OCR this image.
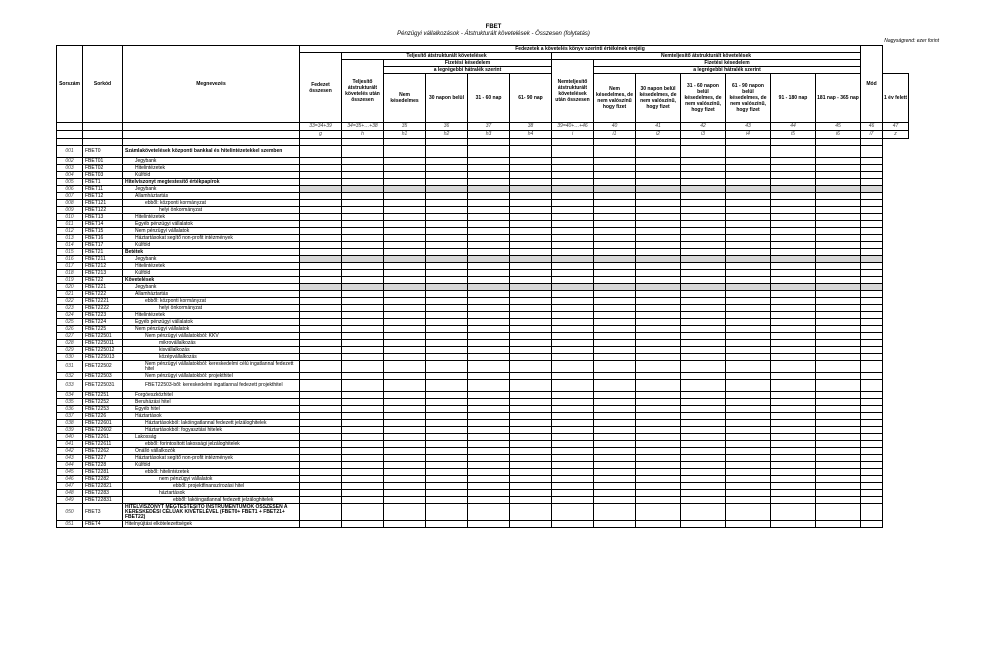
FBET
Pénzügyi vállalkozások - Átstrukturált követelések - Összesen (folytatás)
Nagyságrend: ezer forint
Sorszám	Sorkód	Megnevezés	Fedezetek a követelés könyv szerinti értékének erejéig													Mód	
			Fedezet összesen	Teljesítő átstrukturált követelések					Nemteljesítő átstrukturált követelések								
				Teljesítő átstrukturált követelés után összesen	Fizetési késedelem				Nemteljesítő átstrukturált követelések után összesen	Fizetési késedelem							
					a legrégebbi hátralék szerint					a legrégebbi hátralék szerint							
					Nem késedelmes	30 napon belül	31 - 60 nap	61- 90 nap		Nem késedelmes, de nem valószínű hogy fizet	30 napon belül késedelmes, de nem valószínű, hogy fizet	31 - 60 napon belül késedelmes, de nem valószínű, hogy fizet	61 - 90 napon belül késedelmes, de nem valószínű, hogy fizet	91 - 180 nap	181 nap - 365 nap		1 év felett

			33=34+39	34=35+…+38	35	36	37	38	39=40+…+46	40	41	42	43	44	45	46	47
			g	h	h1	h2	h3	h4	i	i1	i2	i3	i4	i5	i6	i7	z

001	FBET0	Számlakövetelések központi bankkal és hitelintézetekkel szemben															
002	FBET01	Jegybank															
003	FBET02	Hitelintézetek															
004	FBET03	Külföld															
005	FBET1	Hitelviszonyt megtestesítő értékpapírok															
006	FBET11	Jegybank															
007	FBET12	Államháztartás															
008	FBET121	ebből: központi kormányzat															
009	FBET122	helyi önkormányzat															
010	FBET13	Hitelintézetek															
011	FBET14	Egyéb pénzügyi vállalatok															
012	FBET15	Nem pénzügyi vállalatok															
013	FBET16	Háztartásokat segítő non-profit intézmények															
014	FBET17	Külföld															
015	FBET21	Betétek															
016	FBET211	Jegybank															
017	FBET212	Hitelintézetek															
018	FBET213	Külföld															
019	FBET22	Követelések															
020	FBET221	Jegybank															
021	FBET222	Államháztartás															
022	FBET2221	ebből: központi kormányzat															
023	FBET2222	helyi önkormányzat															
024	FBET223	Hitelintézetek															
025	FBET224	Egyéb pénzügyi vállalatok															
026	FBET225	Nem pénzügyi vállalatok															
027	FBET22501	Nem pénzügyi vállalatokból: KKV															
028	FBET225011	mikrovállalkozás															
029	FBET225012	kisvállalkozás															
030	FBET225013	középvállalkozás															
031	FBET22502	Nem pénzügyi vállalatokból: kereskedelmi célú ingatlannal fedezett hitel															
032	FBET22503	Nem pénzügyi vállalatokból: projekthitel															
033	FBET225031	FBET22503-ből: kereskedelmi ingatlannal fedezett projekthitel															
034	FBET2251	Forgóeszközhitel															
035	FBET2252	Beruházási hitel															
036	FBET2253	Egyéb hitel															
037	FBET226	Háztartások															
038	FBET22601	Háztartásokból: lakóingatlannal fedezett jelzáloghitelek															
039	FBET22602	Háztartásokból: fogyasztási hitelek															
040	FBET2261	Lakosság															
041	FBET22611	ebből: forintosított lakossági jelzáloghitelek															
042	FBET2262	Önálló vállalkozók															
043	FBET227	Háztartásokat segítő non-profit intézmények															
044	FBET228	Külföld															
045	FBET2281	ebből: hitelintézetek															
046	FBET2282	nem pénzügyi vállalatok															
047	FBET22821	ebből: projektfinanszírozási hitel															
048	FBET2283	háztartások															
049	FBET22831	ebből: lakóingatlannal fedezett jelzáloghitelek															
050	FBET3	HITELVISZONYT MEGTESTESÍTŐ INSTRUMENTUMOK ÖSSZESEN A KERESKEDÉSI CÉLÚAK KIVÉTELÉVEL (FBET0+ FBET1 + FBET21+ FBET22)															
051	FBET4	Hitelnyújtási elkötelezettségek															
